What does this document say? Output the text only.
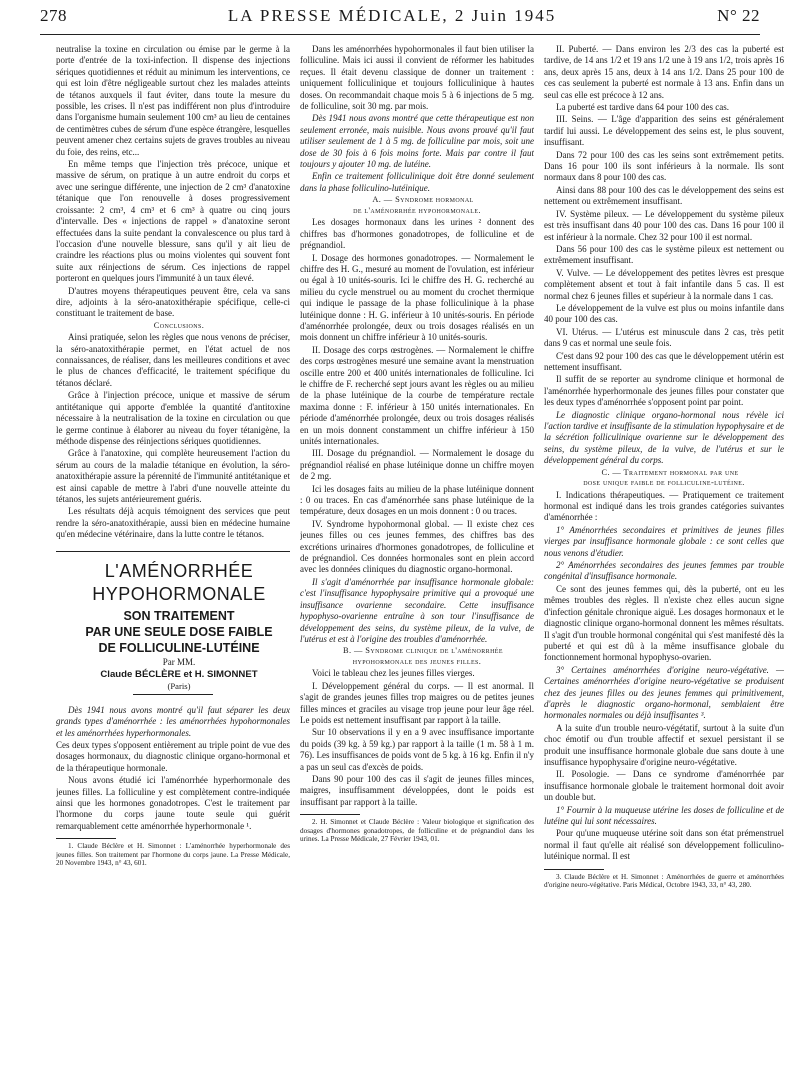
278	LA PRESSE MÉDICALE, 2 Juin 1945	N° 22

neutralise la toxine en circulation ou émise par le germe à la porte d'entrée de la toxi-infection. Il dispense des injections sériques quotidiennes et réduit au minimum les interventions, ce qui est loin d'être négligeable surtout chez les malades atteints de tétanos auxquels il faut éviter, dans toute la mesure du possible, les crises. Il n'est pas indifférent non plus d'introduire dans l'organisme humain seulement 100 cm³ au lieu de centaines de centimètres cubes de sérum d'une espèce étrangère, lesquelles peuvent amener chez certains sujets de graves troubles au niveau du foie, des reins, etc...

En même temps que l'injection très précoce, unique et massive de sérum, on pratique à un autre endroit du corps et avec une seringue différente, une injection de 2 cm³ d'anatoxine tétanique que l'on renouvelle à doses progressivement croissante: 2 cm³, 4 cm³ et 6 cm³ à quatre ou cinq jours d'intervalle. Des « injections de rappel » d'anatoxine seront effectuées dans la suite pendant la convalescence ou plus tard à l'occasion d'une nouvelle blessure, sans qu'il y ait lieu de craindre les réactions plus ou moins violentes qui souvent font suite aux réinjections de sérum. Ces injections de rappel porteront en quelques jours l'immunité à un taux élevé.

D'autres moyens thérapeutiques peuvent être, cela va sans dire, adjoints à la séro-anatoxithérapie spécifique, celle-ci constituant le traitement de base.

Conclusions.

Ainsi pratiquée, selon les règles que nous venons de préciser, la séro-anatoxithérapie permet, en l'état actuel de nos connaissances, de réaliser, dans les meilleures conditions et avec le plus de chances d'efficacité, le traitement spécifique du tétanos déclaré.

Grâce à l'injection précoce, unique et massive de sérum antitétanique qui apporte d'emblée la quantité d'antitoxine nécessaire à la neutralisation de la toxine en circulation ou que le germe continue à élaborer au niveau du foyer tétanigène, la méthode dispense des réinjections sériques quotidiennes.

Grâce à l'anatoxine, qui complète heureusement l'action du sérum au cours de la maladie tétanique en évolution, la séro-anatoxithérapie assure la pérennité de l'immunité antitétanique et est ainsi capable de mettre à l'abri d'une nouvelle atteinte du tétanos, les sujets antérieurement guéris.

Les résultats déjà acquis témoignent des services que peut rendre la séro-anatoxithérapie, aussi bien en médecine humaine qu'en médecine vétérinaire, dans la lutte contre le tétanos.

L'AMÉNORRHÉE

HYPOHORMONALE

SON TRAITEMENT

PAR UNE SEULE DOSE FAIBLE

DE FOLLICULINE-LUTÉINE

Par MM.

Claude BÉCLÈRE et H. SIMONNET

(Paris)

Dès 1941 nous avons montré qu'il faut séparer les deux grands types d'aménorrhée : les aménorrhées hypohormonales et les aménorrhées hyperhormonales.

Ces deux types s'opposent entièrement au triple point de vue des dosages hormonaux, du diagnostic clinique organo-hormonal et de la thérapeutique hormonale.

Nous avons étudié ici l'aménorrhée hyperhormonale des jeunes filles. La folliculine y est complètement contre-indiquée ainsi que les hormones gonadotropes. C'est le traitement par l'hormone du corps jaune toute seule qui guérit remarquablement cette aménorrhée hyperhormonale ¹.

1. Claude Béclère et H. Simonnet : L'aménorrhée hyperhormonale des jeunes filles. Son traitement par l'hormone du corps jaune. La Presse Médicale, 20 Novembre 1943, n° 43, 601.

Dans les aménorrhées hypohormonales il faut bien utiliser la folliculine. Mais ici aussi il convient de réformer les habitudes reçues. Il était devenu classique de donner un traitement : uniquement folliculinique et toujours folliculinique à hautes doses. On recommandait chaque mois 5 à 6 injections de 5 mg. de folliculine, soit 30 mg. par mois.

Dès 1941 nous avons montré que cette thérapeutique est non seulement erronée, mais nuisible. Nous avons prouvé qu'il faut utiliser seulement de 1 à 5 mg. de folliculine par mois, soit une dose de 30 fois à 6 fois moins forte. Mais par contre il faut toujours y ajouter 10 mg. de lutéine.

Enfin ce traitement folliculinique doit être donné seulement dans la phase folliculino-lutéinique.

A. — Syndrome hormonal
de l'aménorrhée hypohormonale.

Les dosages hormonaux dans les urines ² donnent des chiffres bas d'hormones gonadotropes, de folliculine et de prégnandiol.

I. Dosage des hormones gonadotropes. — Normalement le chiffre des H. G., mesuré au moment de l'ovulation, est inférieur ou égal à 10 unités-souris. Ici le chiffre des H. G. recherché au milieu du cycle menstruel ou au moment du crochet thermique qui indique le passage de la phase folliculinique à la phase lutéinique donne : H. G. inférieur à 10 unités-souris. En période d'aménorrhée prolongée, deux ou trois dosages réalisés en un mois donnent un chiffre inférieur à 10 unités-souris.

II. Dosage des corps œstrogènes. — Normalement le chiffre des corps œstrogènes mesuré une semaine avant la menstruation oscille entre 200 et 400 unités internationales de folliculine. Ici le chiffre de F. recherché sept jours avant les règles ou au milieu de la phase lutéinique de la courbe de température rectale maxima donne : F. inférieur à 150 unités internationales. En période d'aménorrhée prolongée, deux ou trois dosages réalisés en un mois donnent constamment un chiffre inférieur à 150 unités internationales.

III. Dosage du prégnandiol. — Normalement le dosage du prégnandiol réalisé en phase lutéinique donne un chiffre moyen de 2 mg.

Ici les dosages faits au milieu de la phase lutéinique donnent : 0 ou traces. En cas d'aménorrhée sans phase lutéinique de la température, deux dosages en un mois donnent : 0 ou traces.

IV. Syndrome hypohormonal global. — Il existe chez ces jeunes filles ou ces jeunes femmes, des chiffres bas des excrétions urinaires d'hormones gonadotropes, de folliculine et de prégnandiol. Ces données hormonales sont en plein accord avec les données cliniques du diagnostic organo-hormonal.

Il s'agit d'aménorrhée par insuffisance hormonale globale: c'est l'insuffisance hypophysaire primitive qui a provoqué une insuffisance ovarienne secondaire. Cette insuffisance hypophyso-ovarienne entraîne à son tour l'insuffisance de développement des seins, du système pileux, de la vulve, de l'utérus et est à l'origine des troubles d'aménorrhée.

B. — Syndrome clinique de l'aménorrhée
hypohormonale des jeunes filles.

Voici le tableau chez les jeunes filles vierges.

I. Développement général du corps. — Il est anormal. Il s'agit de grandes jeunes filles trop maigres ou de petites jeunes filles minces et graciles au visage trop jeune pour leur âge réel. Le poids est nettement insuffisant par rapport à la taille.

Sur 10 observations il y en a 9 avec insuffisance importante du poids (39 kg. à 59 kg.) par rapport à la taille (1 m. 58 à 1 m. 76). Les insuffisances de poids vont de 5 kg. à 16 kg. Enfin il n'y a pas un seul cas d'excès de poids.

Dans 90 pour 100 des cas il s'agit de jeunes filles minces, maigres, insuffisamment développées, dont le poids est insuffisant par rapport à la taille.

2. H. Simonnet et Claude Béclère : Valeur biologique et signification des dosages d'hormones gonadotropes, de folliculine et de prégnandiol dans les urines. La Presse Médicale, 27 Février 1943, 01.

II. Puberté. — Dans environ les 2/3 des cas la puberté est tardive, de 14 ans 1/2 et 19 ans 1/2 une à 19 ans 1/2, trois après 16 ans, deux après 15 ans, deux à 14 ans 1/2. Dans 25 pour 100 de ces cas seulement la puberté est normale à 13 ans. Enfin dans un seul cas elle est précoce à 12 ans.

La puberté est tardive dans 64 pour 100 des cas.

III. Seins. — L'âge d'apparition des seins est généralement tardif lui aussi. Le développement des seins est, le plus souvent, insuffisant.

Dans 72 pour 100 des cas les seins sont extrêmement petits. Dans 16 pour 100 ils sont inférieurs à la normale. Ils sont normaux dans 8 pour 100 des cas.

Ainsi dans 88 pour 100 des cas le développement des seins est nettement ou extrêmement insuffisant.

IV. Système pileux. — Le développement du système pileux est très insuffisant dans 40 pour 100 des cas. Dans 16 pour 100 il est inférieur à la normale. Chez 32 pour 100 il est normal.

Dans 56 pour 100 des cas le système pileux est nettement ou extrêmement insuffisant.

V. Vulve. — Le développement des petites lèvres est presque complètement absent et tout à fait infantile dans 5 cas. Il est normal chez 6 jeunes filles et supérieur à la normale dans 1 cas.

Le développement de la vulve est plus ou moins infantile dans 40 pour 100 des cas.

VI. Utérus. — L'utérus est minuscule dans 2 cas, très petit dans 9 cas et normal une seule fois.

C'est dans 92 pour 100 des cas que le développement utérin est nettement insuffisant.

Il suffit de se reporter au syndrome clinique et hormonal de l'aménorrhée hyperhormonale des jeunes filles pour constater que les deux types d'aménorrhée s'opposent point par point.

Le diagnostic clinique organo-hormonal nous révèle ici l'action tardive et insuffisante de la stimulation hypophysaire et de la sécrétion folliculinique ovarienne sur le développement des seins, du système pileux, de la vulve, de l'utérus et sur le développement général du corps.

C. — Traitement hormonal par une
dose unique faible de folliculine-lutéine.

I. Indications thérapeutiques. — Pratiquement ce traitement hormonal est indiqué dans les trois grandes catégories suivantes d'aménorrhée :

1° Aménorrhées secondaires et primitives de jeunes filles vierges par insuffisance hormonale globale : ce sont celles que nous venons d'étudier.

2° Aménorrhées secondaires des jeunes femmes par trouble congénital d'insuffisance hormonale.

Ce sont des jeunes femmes qui, dès la puberté, ont eu les mêmes troubles des règles. Il n'existe chez elles aucun signe d'infection génitale chronique aiguë. Les dosages hormonaux et le diagnostic clinique organo-hormonal donnent les mêmes résultats. Il s'agit d'un trouble hormonal congénital qui s'est manifesté dès la puberté et qui est dû à la même insuffisance globale du fonctionnement hormonal hypophyso-ovarien.

3° Certaines aménorrhées d'origine neuro-végétative. — Certaines aménorrhées d'origine neuro-végétative se produisent chez des jeunes filles ou des jeunes femmes qui primitivement, d'après le diagnostic organo-hormonal, semblaient être hormonales normales ou déjà insuffisantes ³.

A la suite d'un trouble neuro-végétatif, surtout à la suite d'un choc émotif ou d'un trouble affectif et sexuel persistant il se produit une insuffisance hormonale globale due sans doute à une insuffisance hypophysaire d'origine neuro-végétative.

II. Posologie. — Dans ce syndrome d'aménorrhée par insuffisance hormonale globale le traitement hormonal doit avoir un double but.

1° Fournir à la muqueuse utérine les doses de folliculine et de lutéine qui lui sont nécessaires.

Pour qu'une muqueuse utérine soit dans son état prémenstruel normal il faut qu'elle ait réalisé son développement folliculino-lutéinique normal. Il est

3. Claude Béclère et H. Simonnet : Aménorrhées de guerre et aménorrhées d'origine neuro-végétative. Paris Médical, Octobre 1943, 33, n° 43, 280.
